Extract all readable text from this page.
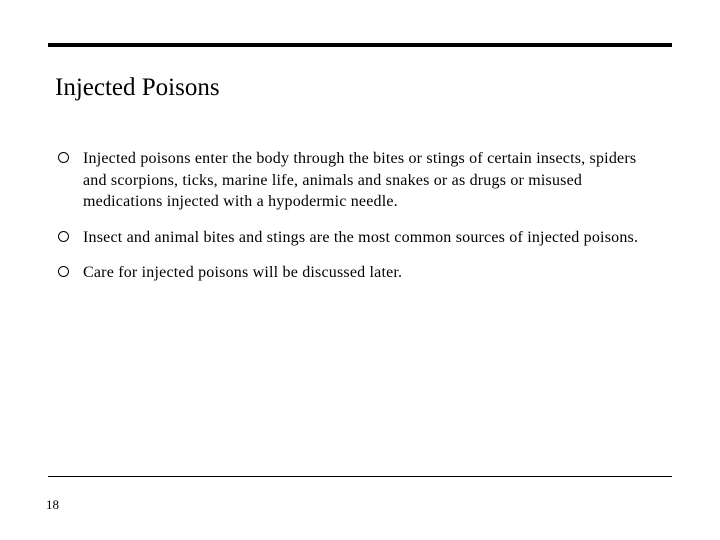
Injected Poisons
Injected poisons enter the body through the bites or stings of certain insects, spiders and scorpions, ticks, marine life, animals and snakes or as drugs or misused medications injected with a hypodermic needle.
Insect and animal bites and stings are the most common sources of injected poisons.
Care for injected poisons will be discussed later.
18
